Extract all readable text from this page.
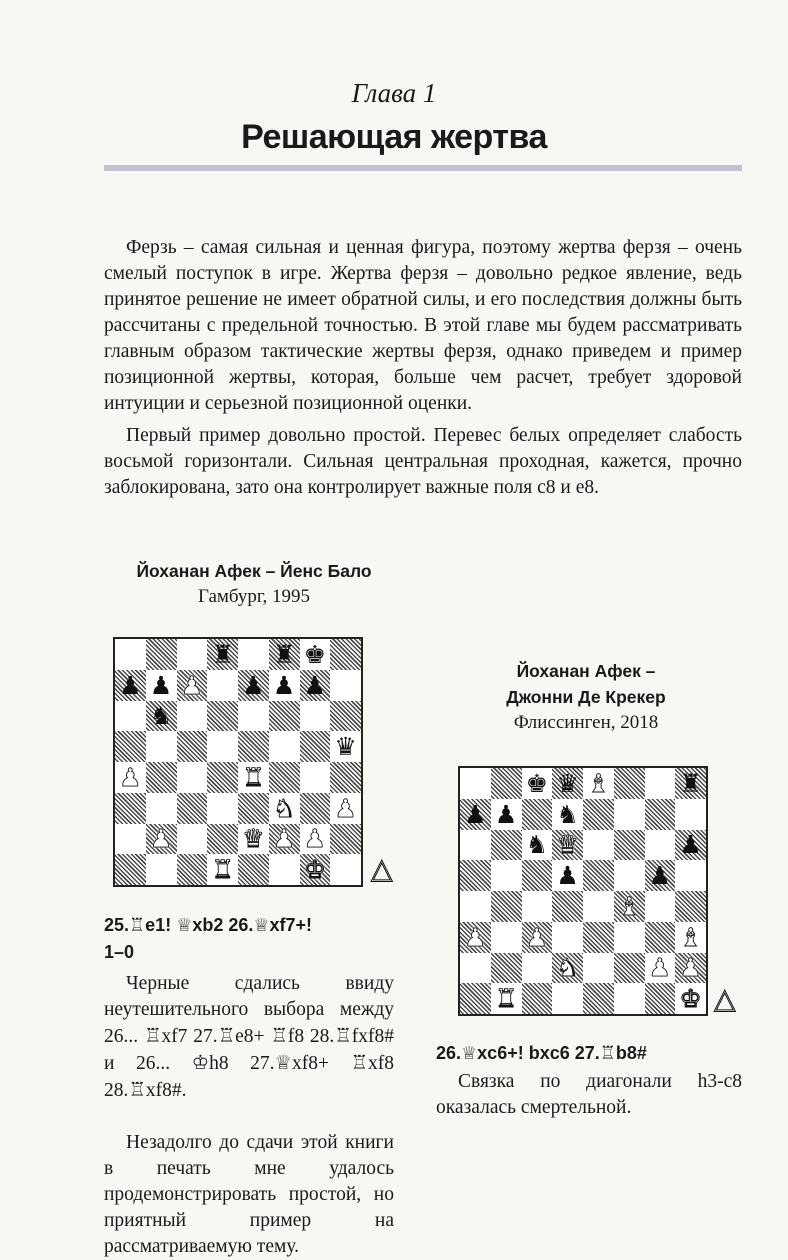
Глава 1
Решающая жертва

Ферзь – самая сильная и ценная фигура, поэтому жертва ферзя – очень смелый поступок в игре. Жертва ферзя – довольно редкое явление, ведь принятое решение не имеет обратной силы, и его последствия должны быть рассчитаны с предельной точностью. В этой главе мы будем рассматривать главным образом тактические жертвы ферзя, однако приведем и пример позиционной жертвы, которая, больше чем расчет, требует здоровой интуиции и серьезной позиционной оценки.

Первый пример довольно простой. Перевес белых определяет слабость восьмой горизонтали. Сильная центральная проходная, кажется, прочно заблокирована, зато она контролирует важные поля c8 и e8.

Йоханан Афек – Йенс Бало
Гамбург, 1995
♜ ♜ ♚
♟ ♟ ♟ ♟ ♟ ♟
♞
♛
♟	♜
♞ ♟
♟	♛ ♟ ♟
♜	♚ △

25.♖e1! ♕xb2 26.♕xf7+!

1–0

Черные сдались ввиду неутешительного выбора между 26... ♖xf7 27.♖e8+ ♖f8 28.♖fxf8# и 26... ♔h8 27.♕xf8+ ♖xf8 28.♖xf8#.

Незадолго до сдачи этой книги в печать мне удалось продемонстрировать простой, но приятный пример на рассматриваемую тему.

Йоханан Афек –
Джонни Де Крекер
Флиссинген, 2018
♚ ♛ ♝	♜
♟ ♟ ♞
♞ ♛	♟
♟	♟
♝
♟ ♟	♝
♞	♟ ♟
♜	♚ △

26.♕xc6+! bxc6 27.♖b8#

Связка по диагонали h3-c8 оказалась смертельной.
